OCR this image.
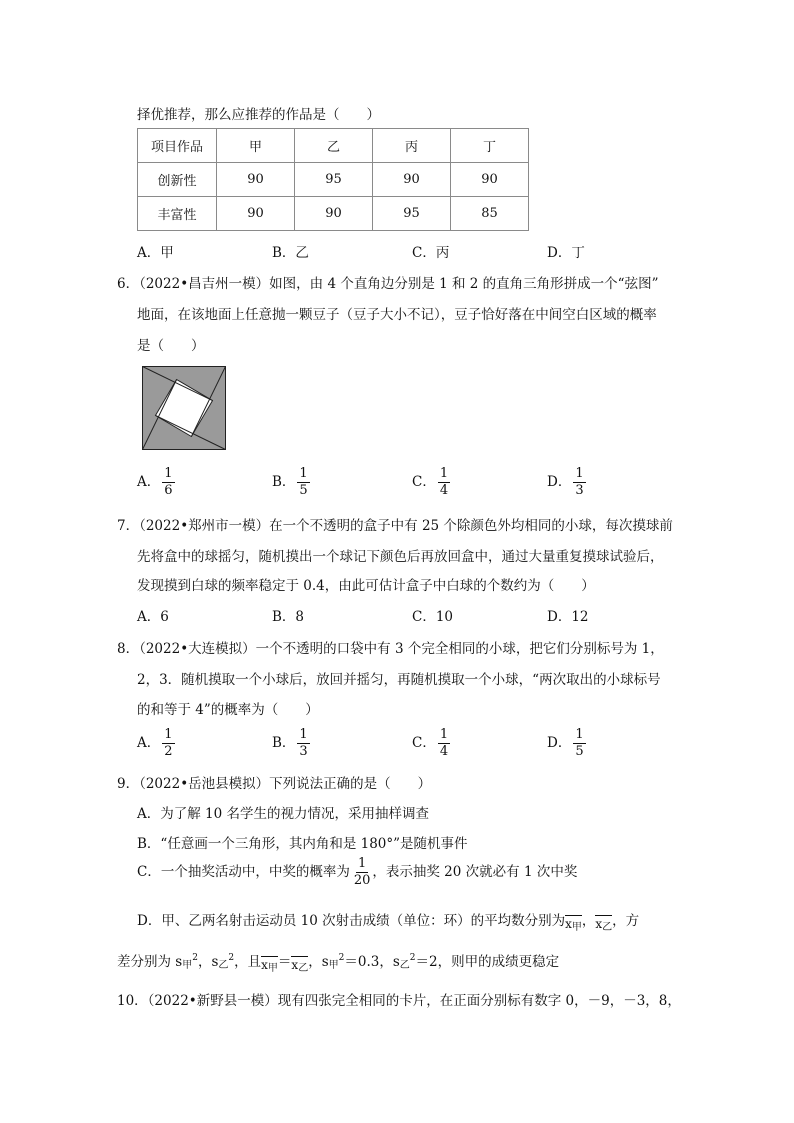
择优推荐，那么应推荐的作品是（　　）
项目作品	甲	乙	丙	丁
创新性	90	95	90	90
丰富性	90	90	95	85
A．甲	B．乙	C．丙	D．丁
6．（2022•昌吉州一模）如图，由 4 个直角边分别是 1 和 2 的直角三角形拼成一个“弦图”
地面，在该地面上任意抛一颗豆子（豆子大小不记），豆子恰好落在中间空白区域的概率
是（　　）
A． $\frac{1}{6}$	B． $\frac{1}{5}$	C． $\frac{1}{4}$	D． $\frac{1}{3}$
7．（2022•郑州市一模）在一个不透明的盒子中有 25 个除颜色外均相同的小球，每次摸球前
先将盒中的球摇匀，随机摸出一个球记下颜色后再放回盒中，通过大量重复摸球试验后，
发现摸到白球的频率稳定于 0.4，由此可估计盒子中白球的个数约为（　　）
A．6	B．8	C．10	D．12
8．（2022•大连模拟）一个不透明的口袋中有 3 个完全相同的小球，把它们分别标号为 1，
2，3．随机摸取一个小球后，放回并摇匀，再随机摸取一个小球，“两次取出的小球标号
的和等于 4”的概率为（　　）
A． $\frac{1}{2}$	B． $\frac{1}{3}$	C． $\frac{1}{4}$	D． $\frac{1}{5}$
9．（2022•岳池县模拟）下列说法正确的是（　　）
A．为了解 10 名学生的视力情况，采用抽样调查
B．“任意画一个三角形，其内角和是 180°”是随机事件
C．一个抽奖活动中，中奖的概率为 $\frac{1}{20}$ ，表示抽奖 20 次就必有 1 次中奖
D．甲、乙两名射击运动员 10 次射击成绩（单位：环）的平均数分别为$x_甲$，$x_乙$，方
差分别为 $s_甲^2$，$s_乙^2$，且$x_甲=x_乙$，$s_甲^2=0.3$，$s_乙^2=2$，则甲的成绩更稳定
10．（2022•新野县一模）现有四张完全相同的卡片，在正面分别标有数字 0，－9，－3，8，
